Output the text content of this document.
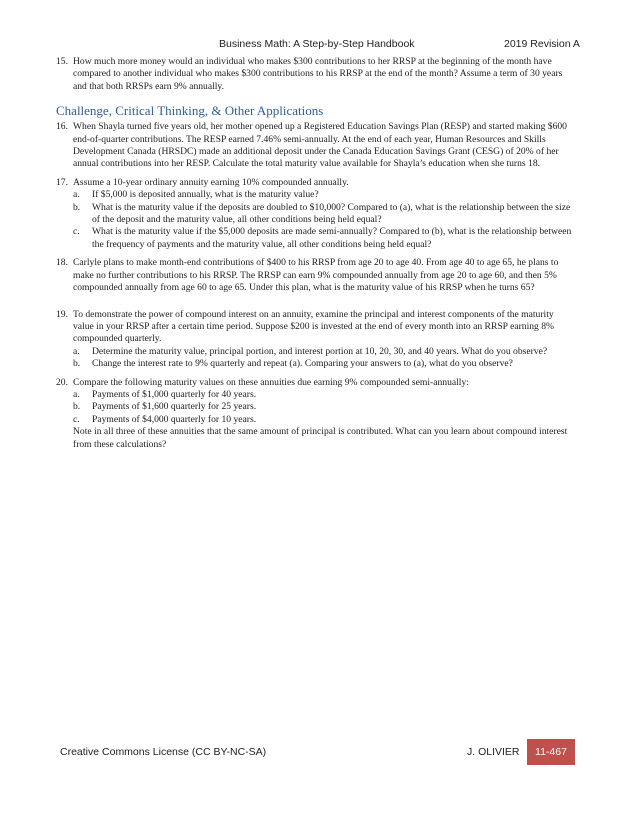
Business Math: A Step-by-Step Handbook	2019 Revision A
15. How much more money would an individual who makes $300 contributions to her RRSP at the beginning of the month have compared to another individual who makes $300 contributions to his RRSP at the end of the month? Assume a term of 30 years and that both RRSPs earn 9% annually.
Challenge, Critical Thinking, & Other Applications
16. When Shayla turned five years old, her mother opened up a Registered Education Savings Plan (RESP) and started making $600 end-of-quarter contributions. The RESP earned 7.46% semi-annually. At the end of each year, Human Resources and Skills Development Canada (HRSDC) made an additional deposit under the Canada Education Savings Grant (CESG) of 20% of her annual contributions into her RESP. Calculate the total maturity value available for Shayla’s education when she turns 18.
17. Assume a 10-year ordinary annuity earning 10% compounded annually.
a. If $5,000 is deposited annually, what is the maturity value?
b. What is the maturity value if the deposits are doubled to $10,000? Compared to (a), what is the relationship between the size of the deposit and the maturity value, all other conditions being held equal?
c. What is the maturity value if the $5,000 deposits are made semi-annually? Compared to (b), what is the relationship between the frequency of payments and the maturity value, all other conditions being held equal?
18. Carlyle plans to make month-end contributions of $400 to his RRSP from age 20 to age 40. From age 40 to age 65, he plans to make no further contributions to his RRSP. The RRSP can earn 9% compounded annually from age 20 to age 60, and then 5% compounded annually from age 60 to age 65. Under this plan, what is the maturity value of his RRSP when he turns 65?
19. To demonstrate the power of compound interest on an annuity, examine the principal and interest components of the maturity value in your RRSP after a certain time period. Suppose $200 is invested at the end of every month into an RRSP earning 8% compounded quarterly.
a. Determine the maturity value, principal portion, and interest portion at 10, 20, 30, and 40 years. What do you observe?
b. Change the interest rate to 9% quarterly and repeat (a). Comparing your answers to (a), what do you observe?
20. Compare the following maturity values on these annuities due earning 9% compounded semi-annually:
a. Payments of $1,000 quarterly for 40 years.
b. Payments of $1,600 quarterly for 25 years.
c. Payments of $4,000 quarterly for 10 years.
Note in all three of these annuities that the same amount of principal is contributed. What can you learn about compound interest from these calculations?
Creative Commons License (CC BY-NC-SA)	J. OLIVIER 11-467
